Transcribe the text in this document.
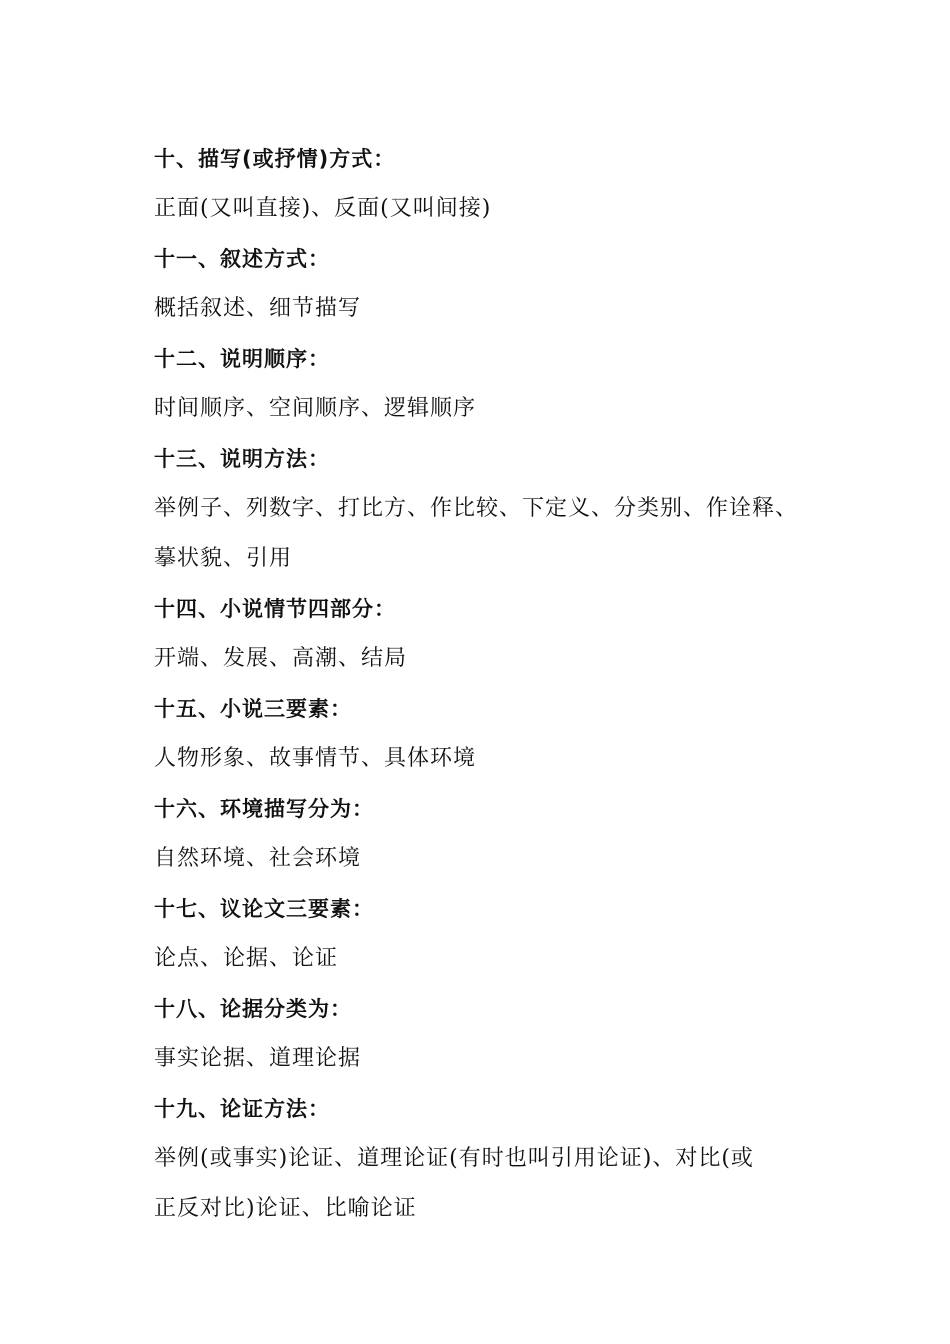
十、描写(或抒情)方式：
正面(又叫直接)、反面(又叫间接)
十一、叙述方式：
概括叙述、细节描写
十二、说明顺序：
时间顺序、空间顺序、逻辑顺序
十三、说明方法：
举例子、列数字、打比方、作比较、下定义、分类别、作诠释、
摹状貌、引用
十四、小说情节四部分：
开端、发展、高潮、结局
十五、小说三要素：
人物形象、故事情节、具体环境
十六、环境描写分为：
自然环境、社会环境
十七、议论文三要素：
论点、论据、论证
十八、论据分类为：
事实论据、道理论据
十九、论证方法：
举例(或事实)论证、道理论证(有时也叫引用论证)、对比(或
正反对比)论证、比喻论证
